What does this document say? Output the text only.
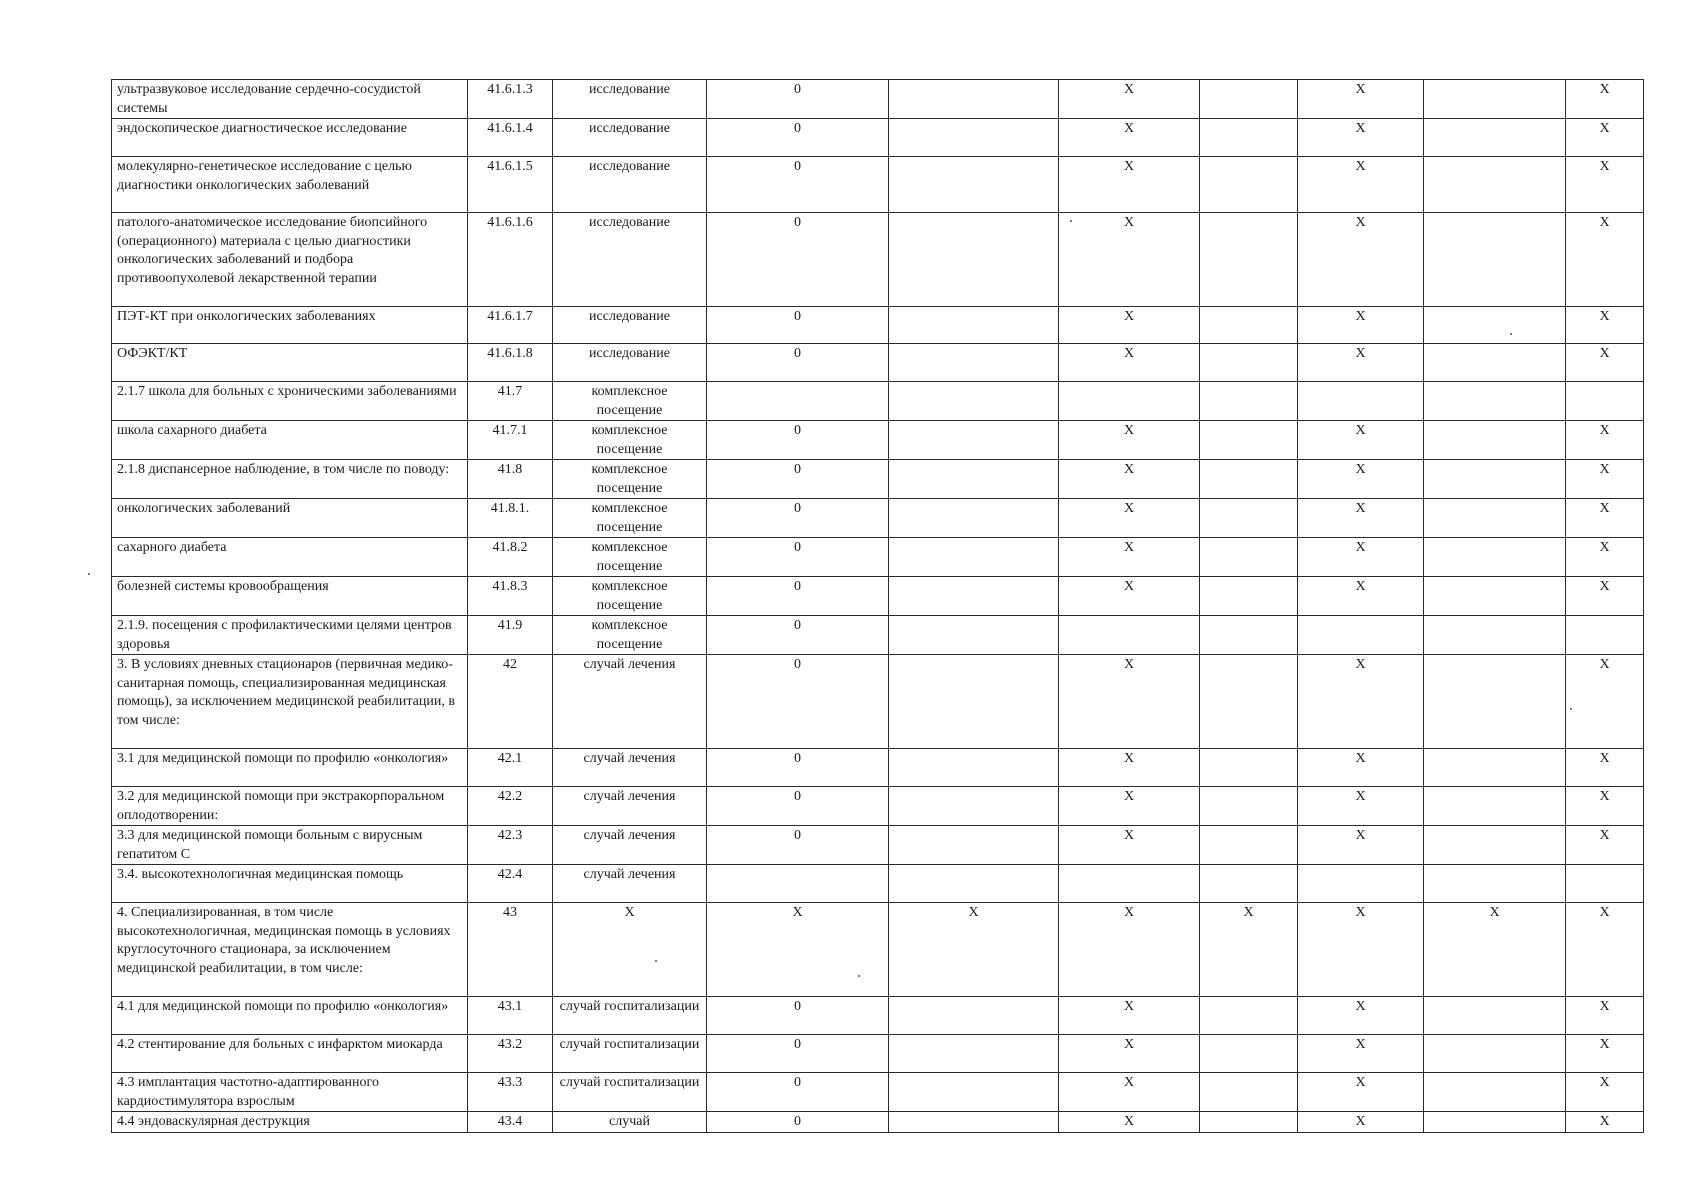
ультразвуковое исследование сердечно-сосудистой системы	41.6.1.3	исследование	0		X		X		X
эндоскопическое диагностическое исследование	41.6.1.4	исследование	0		X		X		X
молекулярно-генетическое исследование с целью диагностики онкологических заболеваний	41.6.1.5	исследование	0		X		X		X
патолого-анатомическое исследование биопсийного (операционного) материала с целью диагностики онкологических заболеваний и подбора противоопухолевой лекарственной терапии	41.6.1.6	исследование	0		X		X		X
ПЭТ-КТ при онкологических заболеваниях	41.6.1.7	исследование	0		X		X		X
ОФЭКТ/КТ	41.6.1.8	исследование	0		X		X		X
2.1.7 школа для больных с хроническими заболеваниями	41.7	комплексное посещение							
школа сахарного диабета	41.7.1	комплексное посещение	0		X		X		X
2.1.8 диспансерное наблюдение, в том числе по поводу:	41.8	комплексное посещение	0		X		X		X
онкологических заболеваний	41.8.1.	комплексное посещение	0		X		X		X
сахарного диабета	41.8.2	комплексное посещение	0		X		X		X
болезней системы кровообращения	41.8.3	комплексное посещение	0		X		X		X
2.1.9. посещения с профилактическими целями центров здоровья	41.9	комплексное посещение	0						
3. В условиях дневных стационаров (первичная медико-санитарная помощь, специализированная медицинская помощь), за исключением медицинской реабилитации, в том числе:	42	случай лечения	0		X		X		X
3.1 для медицинской помощи по профилю «онкология»	42.1	случай лечения	0		X		X		X
3.2 для медицинской помощи при экстракорпоральном оплодотворении:	42.2	случай лечения	0		X		X		X
3.3 для медицинской помощи больным с вирусным гепатитом С	42.3	случай лечения	0		X		X		X
3.4. высокотехнологичная медицинская помощь	42.4	случай лечения							
4. Специализированная, в том числе высокотехнологичная, медицинская помощь в условиях круглосуточного стационара, за исключением медицинской реабилитации, в том числе:	43	X	X	X	X	X	X	X	X
4.1 для медицинской помощи по профилю «онкология»	43.1	случай госпитализации	0		X		X		X
4.2 стентирование для больных с инфарктом миокарда	43.2	случай госпитализации	0		X		X		X
4.3 имплантация частотно-адаптированного кардиостимулятора взрослым	43.3	случай госпитализации	0		X		X		X
4.4 эндоваскулярная деструкция	43.4	случай	0		X		X		X
